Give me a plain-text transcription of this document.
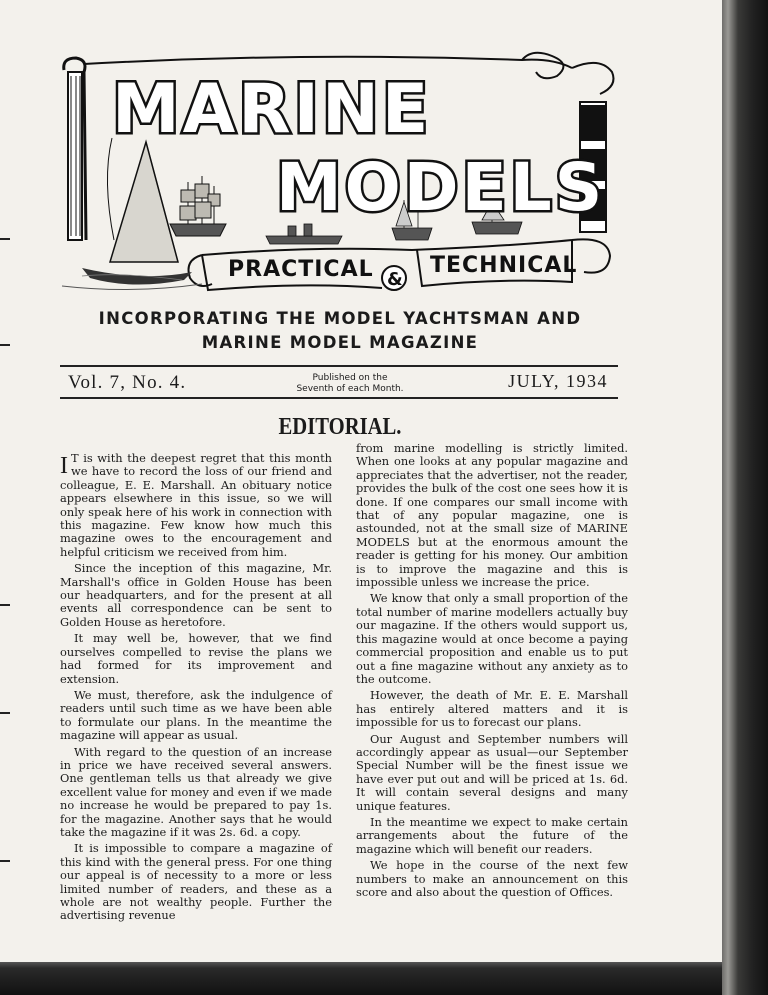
MARINE
MODELS
PRACTICAL &
TECHNICAL
INCORPORATING THE MODEL YACHTSMAN AND
MARINE MODEL MAGAZINE
Vol. 7, No. 4.	Published on the
Seventh of each Month.	JULY, 1934
EDITORIAL.

I T is with the deepest regret that this month we have to record the loss of our friend and colleague, E. E. Marshall. An obituary notice appears elsewhere in this issue, so we will only speak here of his work in connection with this magazine. Few know how much this magazine owes to the encouragement and helpful criticism we received from him.

Since the inception of this magazine, Mr. Marshall's office in Golden House has been our headquarters, and for the present at all events all correspondence can be sent to Golden House as heretofore.

It may well be, however, that we find ourselves compelled to revise the plans we had formed for its improvement and extension.

We must, therefore, ask the indulgence of readers until such time as we have been able to formulate our plans. In the meantime the magazine will appear as usual.

With regard to the question of an increase in price we have received several answers. One gentleman tells us that already we give excellent value for money and even if we made no increase he would be prepared to pay 1s. for the magazine. Another says that he would take the magazine if it was 2s. 6d. a copy.

It is impossible to compare a magazine of this kind with the general press. For one thing our appeal is of necessity to a more or less limited number of readers, and these as a whole are not wealthy people. Further the advertising revenue

from marine modelling is strictly limited. When one looks at any popular magazine and appreciates that the advertiser, not the reader, provides the bulk of the cost one sees how it is done. If one compares our small income with that of any popular magazine, one is astounded, not at the small size of MARINE MODELS but at the enormous amount the reader is getting for his money. Our ambition is to improve the magazine and this is impossible unless we increase the price.

We know that only a small proportion of the total number of marine modellers actually buy our magazine. If the others would support us, this magazine would at once become a paying commercial proposition and enable us to put out a fine magazine without any anxiety as to the outcome.

However, the death of Mr. E. E. Marshall has entirely altered matters and it is impossible for us to forecast our plans.

Our August and September numbers will accordingly appear as usual—our September Special Number will be the finest issue we have ever put out and will be priced at 1s. 6d. It will contain several designs and many unique features.

In the meantime we expect to make certain arrangements about the future of the magazine which will benefit our readers.

We hope in the course of the next few numbers to make an announcement on this score and also about the question of Offices.
